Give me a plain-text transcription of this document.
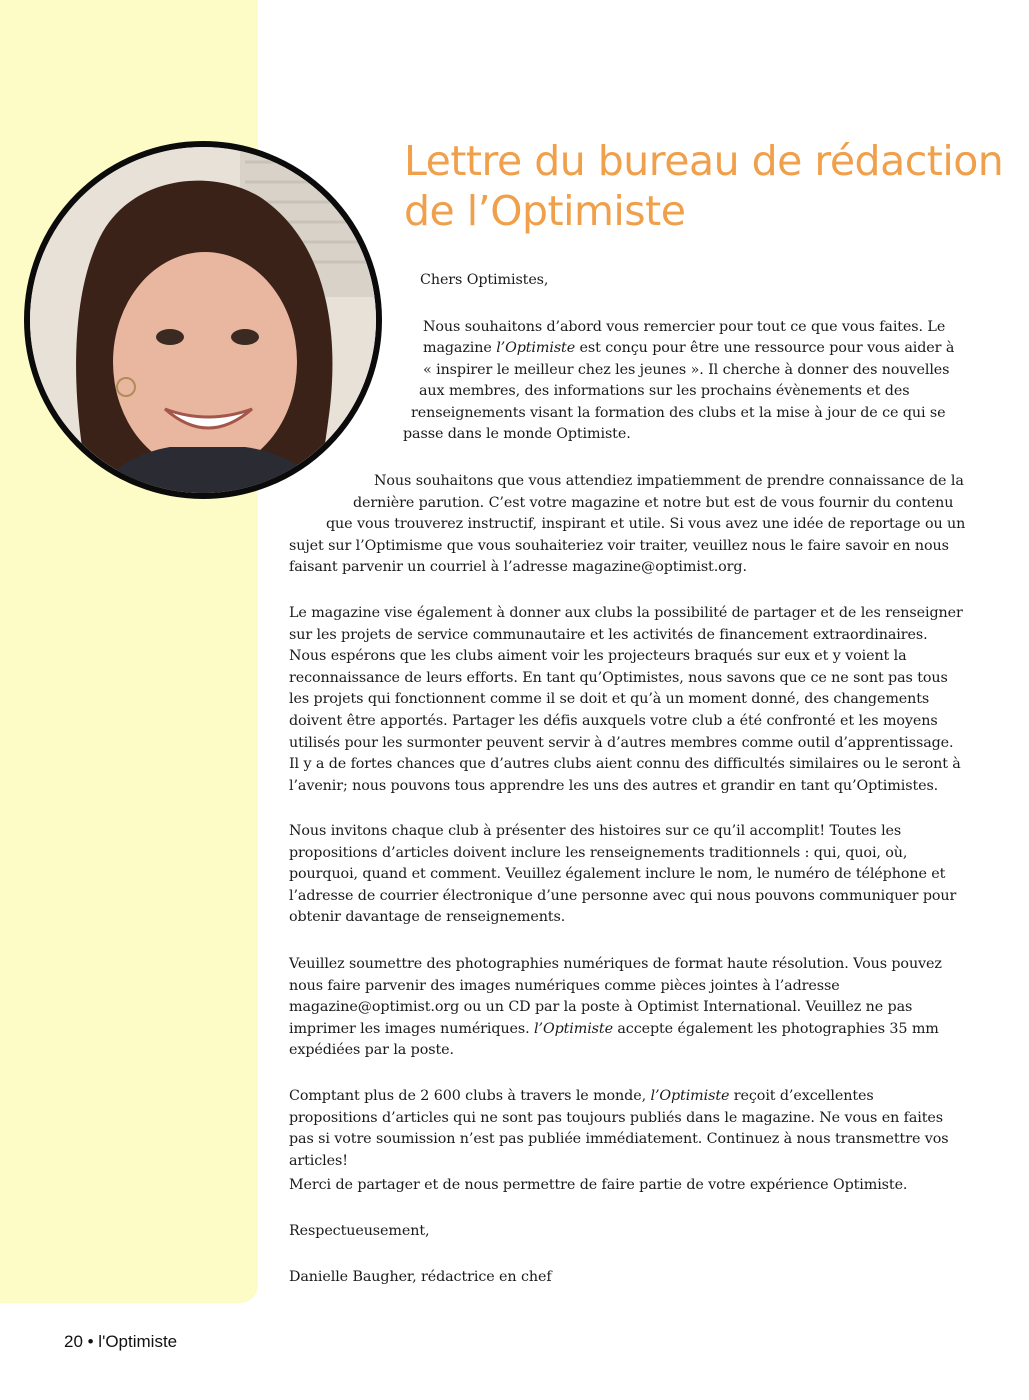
Lettre du bureau de rédaction de l’Optimiste
Chers Optimistes,
Nous souhaitons d’abord vous remercier pour tout ce que vous faites. Le
magazine l’Optimiste est conçu pour être une ressource pour vous aider à
« inspirer le meilleur chez les jeunes ». Il cherche à donner des nouvelles
aux membres, des informations sur les prochains évènements et des
renseignements visant la formation des clubs et la mise à jour de ce qui se
passe dans le monde Optimiste.
Nous souhaitons que vous attendiez impatiemment de prendre connaissance de la
dernière parution. C’est votre magazine et notre but est de vous fournir du contenu
que vous trouverez instructif, inspirant et utile. Si vous avez une idée de reportage ou un
sujet sur l’Optimisme que vous souhaiteriez voir traiter, veuillez nous le faire savoir en nous
faisant parvenir un courriel à l’adresse magazine@optimist.org.

Le magazine vise également à donner aux clubs la possibilité de partager et de les renseigner sur les projets de service communautaire et les activités de financement extraordinaires. Nous espérons que les clubs aiment voir les projecteurs braqués sur eux et y voient la reconnaissance de leurs efforts. En tant qu’Optimistes, nous savons que ce ne sont pas tous les projets qui fonctionnent comme il se doit et qu’à un moment donné, des changements doivent être apportés. Partager les défis auxquels votre club a été confronté et les moyens utilisés pour les surmonter peuvent servir à d’autres membres comme outil d’apprentissage. Il y a de fortes chances que d’autres clubs aient connu des difficultés similaires ou le seront à l’avenir; nous pouvons tous apprendre les uns des autres et grandir en tant qu’Optimistes.

Nous invitons chaque club à présenter des histoires sur ce qu’il accomplit! Toutes les propositions d’articles doivent inclure les renseignements traditionnels : qui, quoi, où, pourquoi, quand et comment. Veuillez également inclure le nom, le numéro de téléphone et l’adresse de courrier électronique d’une personne avec qui nous pouvons communiquer pour obtenir davantage de renseignements.

Veuillez soumettre des photographies numériques de format haute résolution. Vous pouvez nous faire parvenir des images numériques comme pièces jointes à l’adresse magazine@optimist.org ou un CD par la poste à Optimist International. Veuillez ne pas imprimer les images numériques. l’Optimiste accepte également les photographies 35 mm expédiées par la poste.

Comptant plus de 2 600 clubs à travers le monde, l’Optimiste reçoit d’excellentes propositions d’articles qui ne sont pas toujours publiés dans le magazine. Ne vous en faites pas si votre soumission n’est pas publiée immédiatement. Continuez à nous transmettre vos articles!

Merci de partager et de nous permettre de faire partie de votre expérience Optimiste.

Respectueusement,

Danielle Baugher, rédactrice en chef

20 • l'Optimiste
